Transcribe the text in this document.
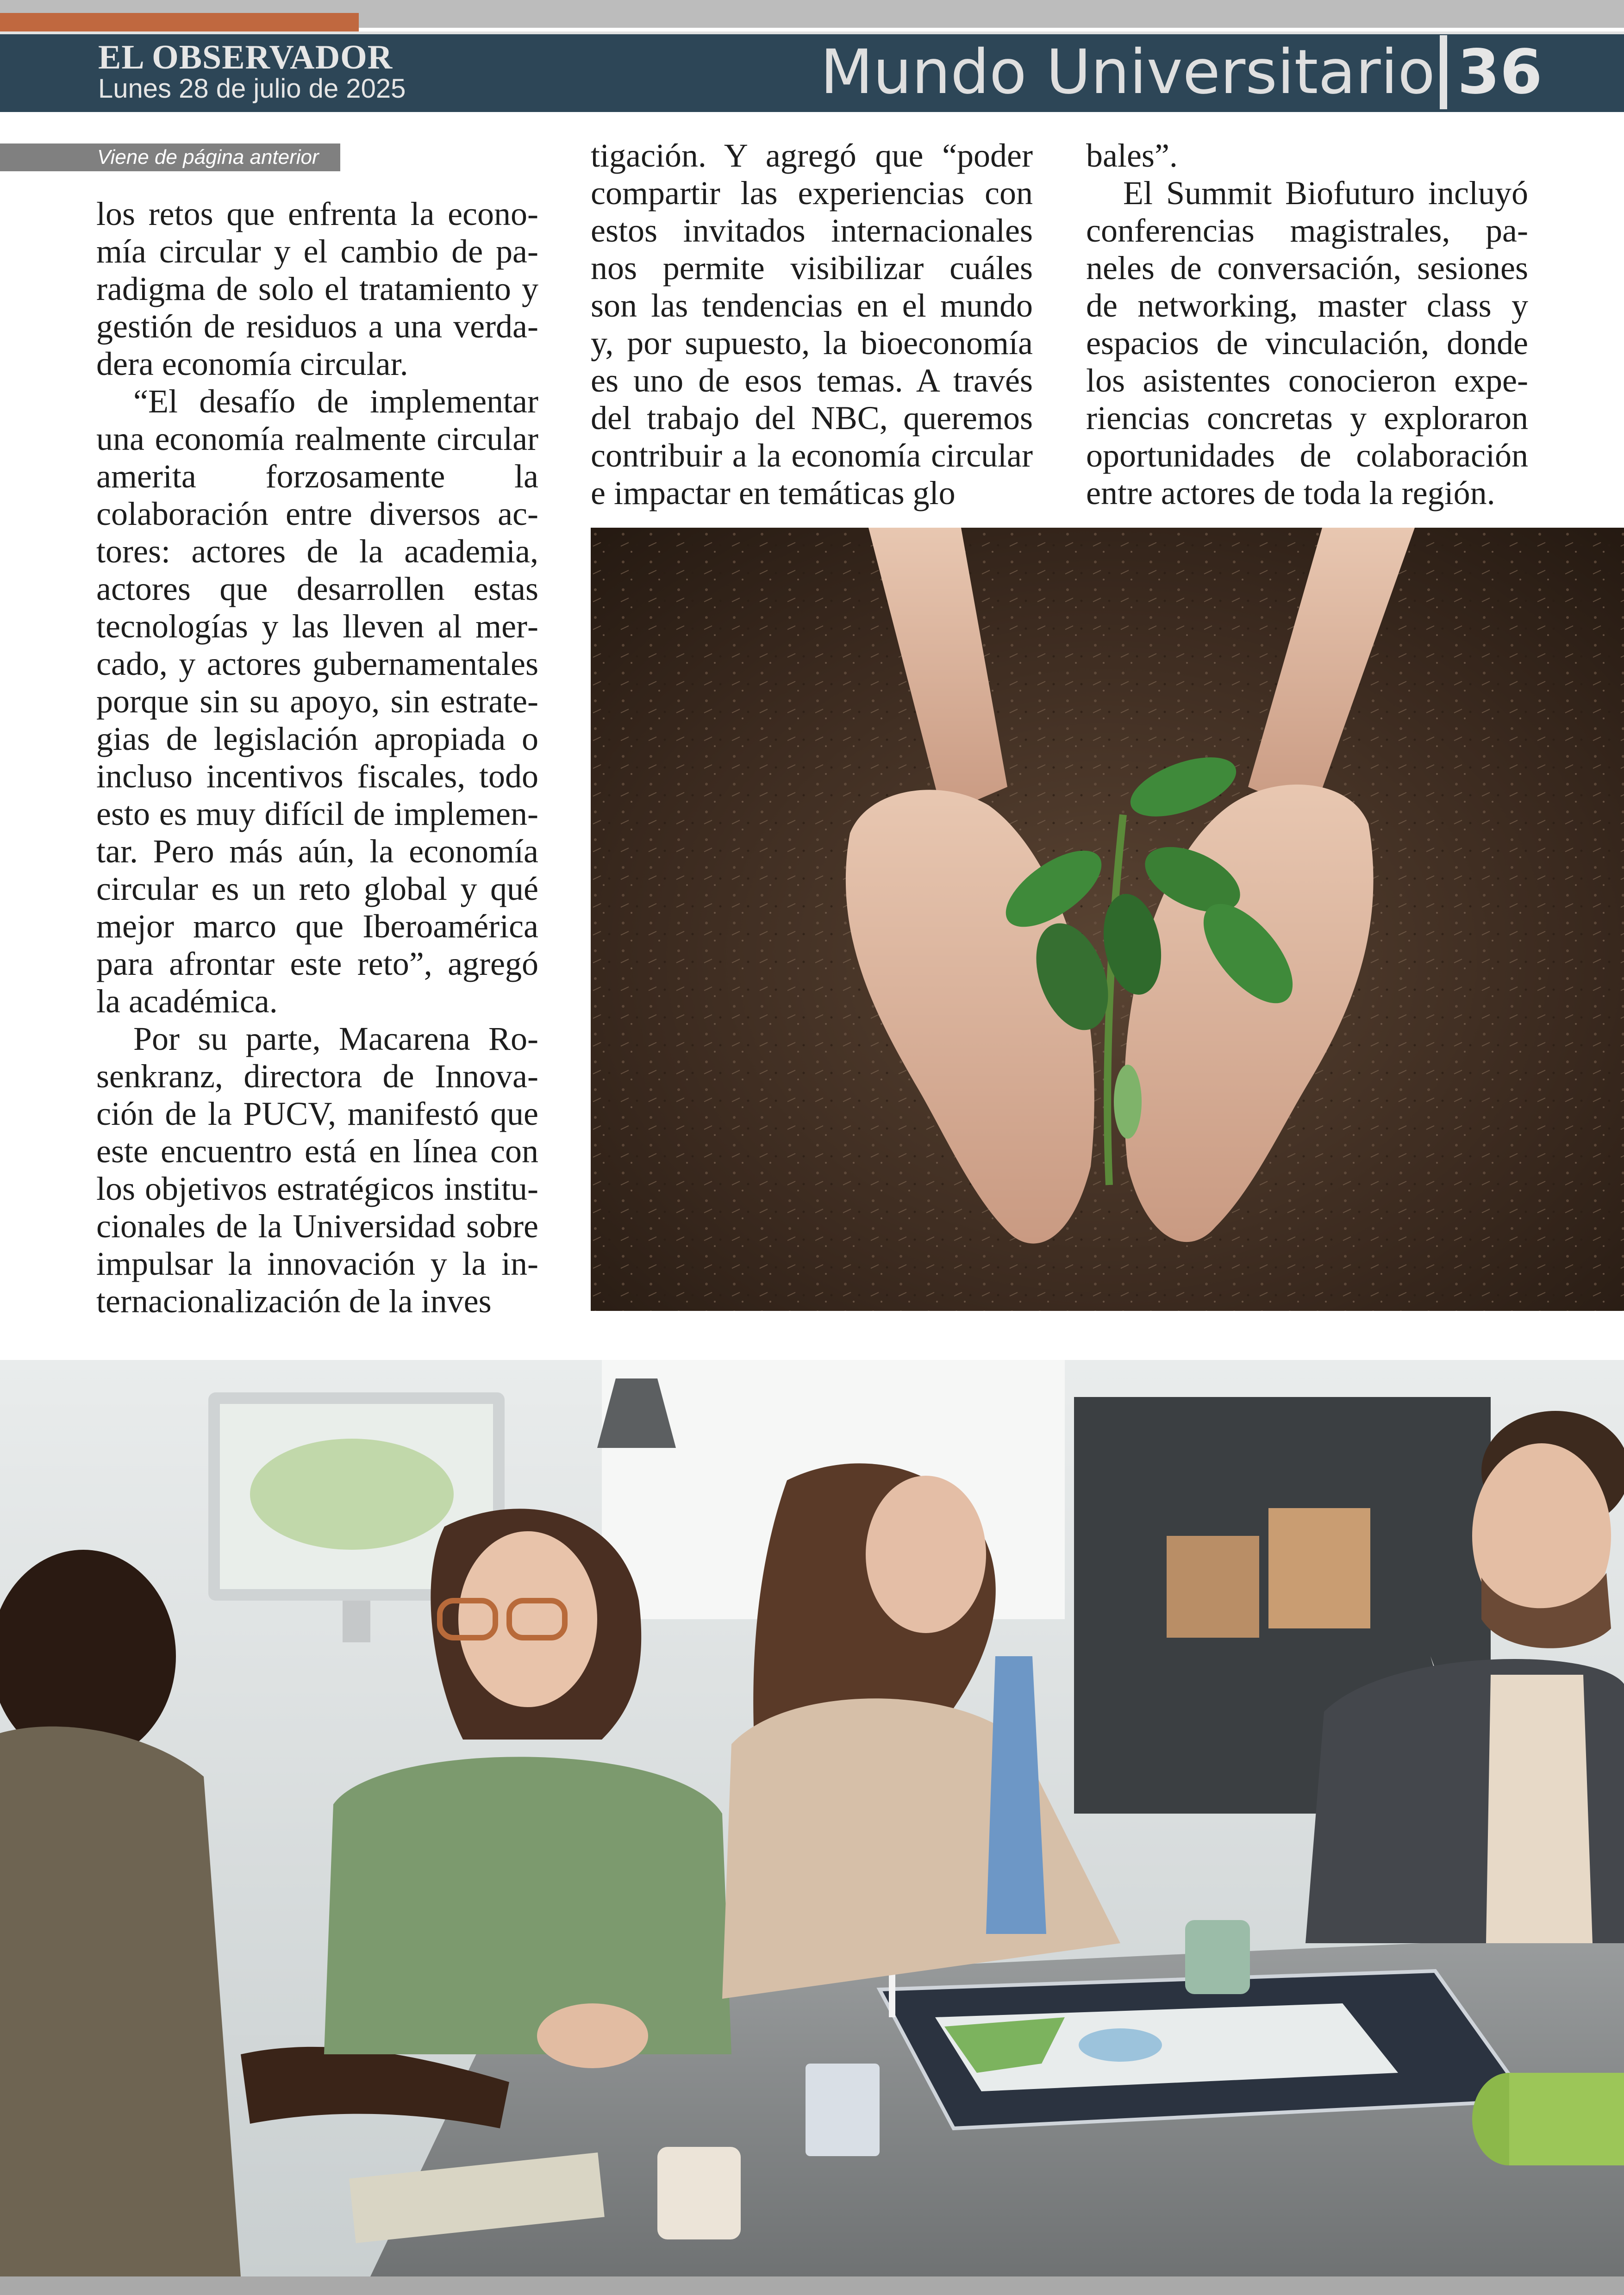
EL OBSERVADOR
Lunes 28 de julio de 2025	Mundo Universitario 36
Viene de página anterior

los retos que enfrenta la economía circular y el cambio de paradigma de solo el tratamiento y gestión de residuos a una verdadera economía circular.

“El desafío de implementar una economía realmente circular amerita forzosamente la colaboración entre diversos actores: actores de la academia, actores que desarrollen estas tecnologías y las lleven al mercado, y actores gubernamentales porque sin su apoyo, sin estrategias de legislación apropiada o incluso incentivos fiscales, todo esto es muy difícil de implementar. Pero más aún, la economía circular es un reto global y qué mejor marco que Iberoamérica para afrontar este reto”, agregó la académica.

Por su parte, Macarena Rosenkranz, directora de Innovación de la PUCV, manifestó que este encuentro está en línea con los objetivos estratégicos institucionales de la Universidad sobre impulsar la innovación y la internacionalización de la inves

tigación. Y agregó que “poder compartir las experiencias con estos invitados internacionales nos permite visibilizar cuáles son las tendencias en el mundo y, por supuesto, la bioeconomía es uno de esos temas. A través del trabajo del NBC, queremos contribuir a la economía circular e impactar en temáticas glo

bales”.

El Summit Biofuturo incluyó conferencias magistrales, paneles de conversación, sesiones de networking, master class y espacios de vinculación, donde los asistentes conocieron experiencias concretas y exploraron oportunidades de colaboración entre actores de toda la región.
